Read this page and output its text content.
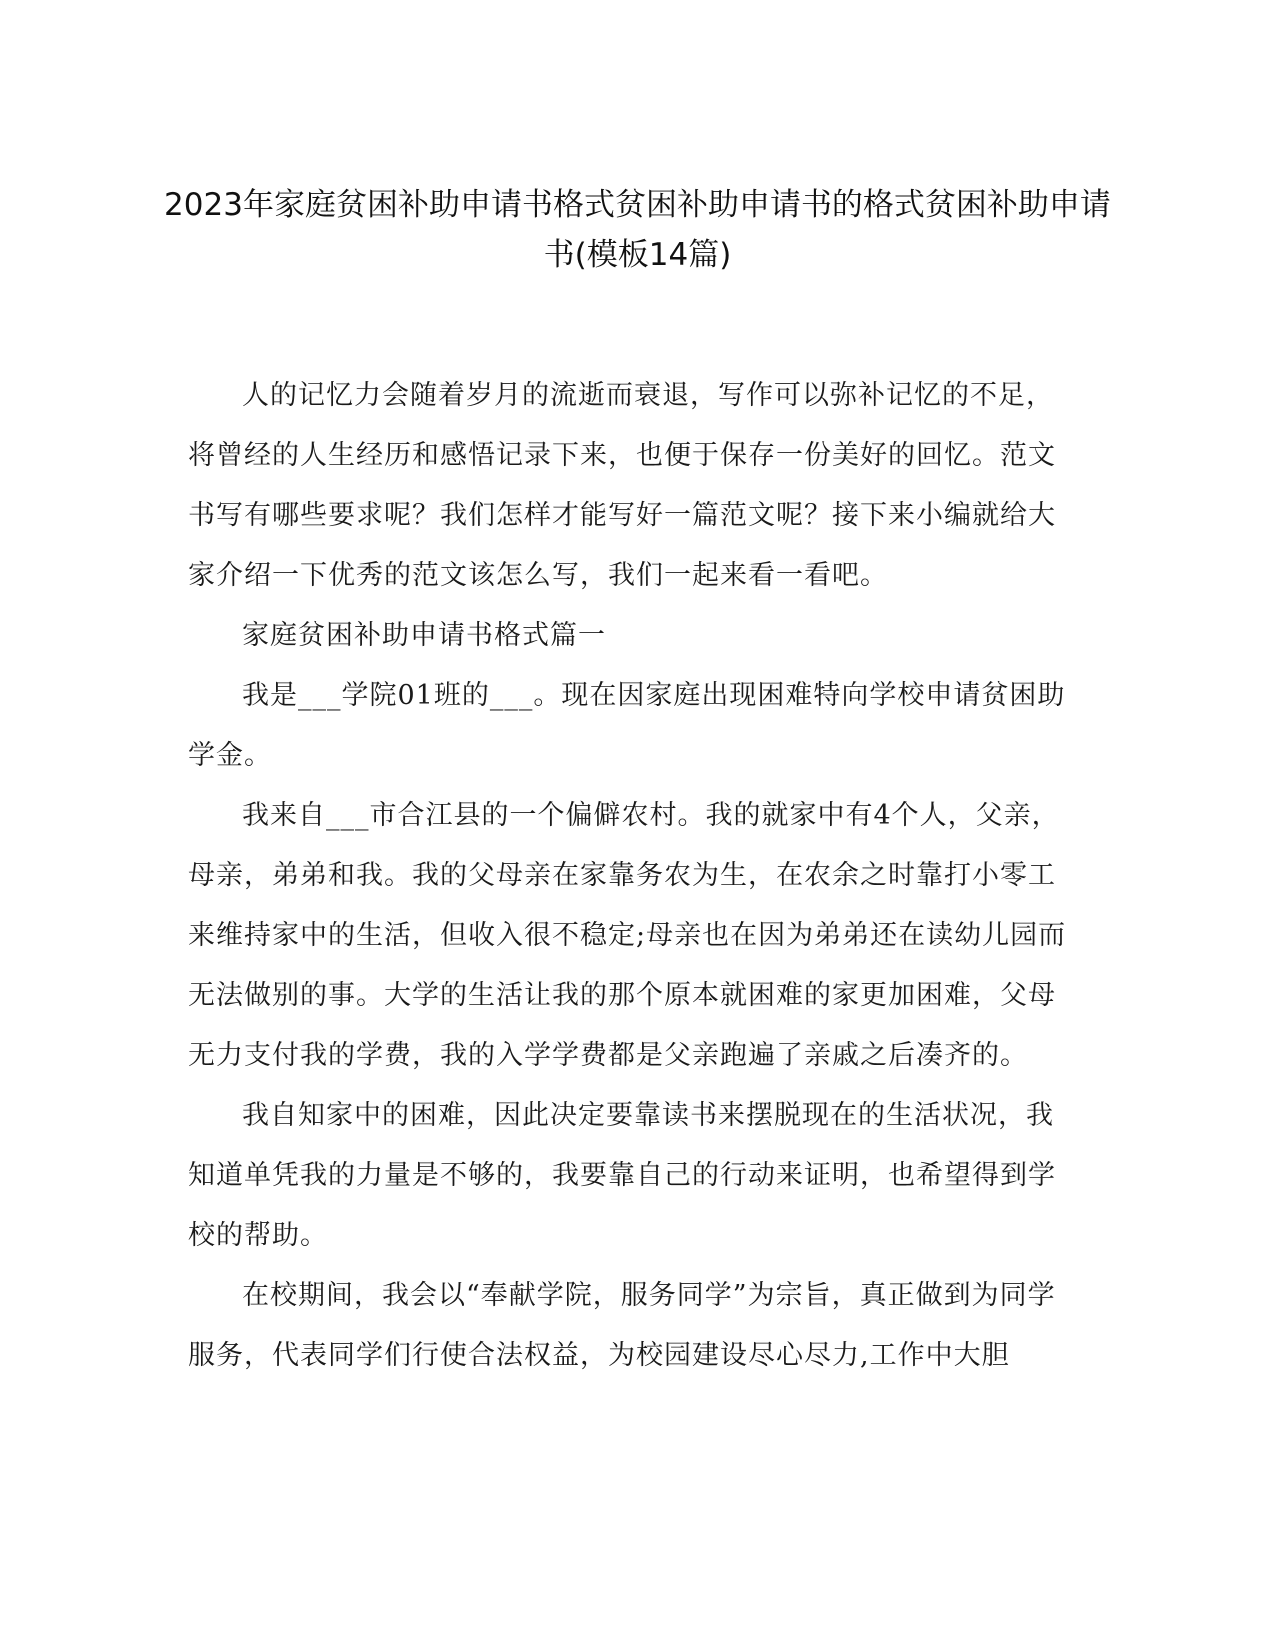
2023年家庭贫困补助申请书格式贫困补助申请书的格式贫困补助申请书(模板14篇)

人的记忆力会随着岁月的流逝而衰退，写作可以弥补记忆的不足，将曾经的人生经历和感悟记录下来，也便于保存一份美好的回忆。范文书写有哪些要求呢？我们怎样才能写好一篇范文呢？接下来小编就给大家介绍一下优秀的范文该怎么写，我们一起来看一看吧。

家庭贫困补助申请书格式篇一

我是___学院01班的___。现在因家庭出现困难特向学校申请贫困助学金。

我来自___市合江县的一个偏僻农村。我的就家中有4个人，父亲，母亲，弟弟和我。我的父母亲在家靠务农为生，在农余之时靠打小零工来维持家中的生活，但收入很不稳定;母亲也在因为弟弟还在读幼儿园而无法做别的事。大学的生活让我的那个原本就困难的家更加困难，父母无力支付我的学费，我的入学学费都是父亲跑遍了亲戚之后凑齐的。

我自知家中的困难，因此决定要靠读书来摆脱现在的生活状况，我知道单凭我的力量是不够的，我要靠自己的行动来证明，也希望得到学校的帮助。

在校期间，我会以“奉献学院，服务同学”为宗旨，真正做到为同学服务，代表同学们行使合法权益，为校园建设尽心尽力,工作中大胆
